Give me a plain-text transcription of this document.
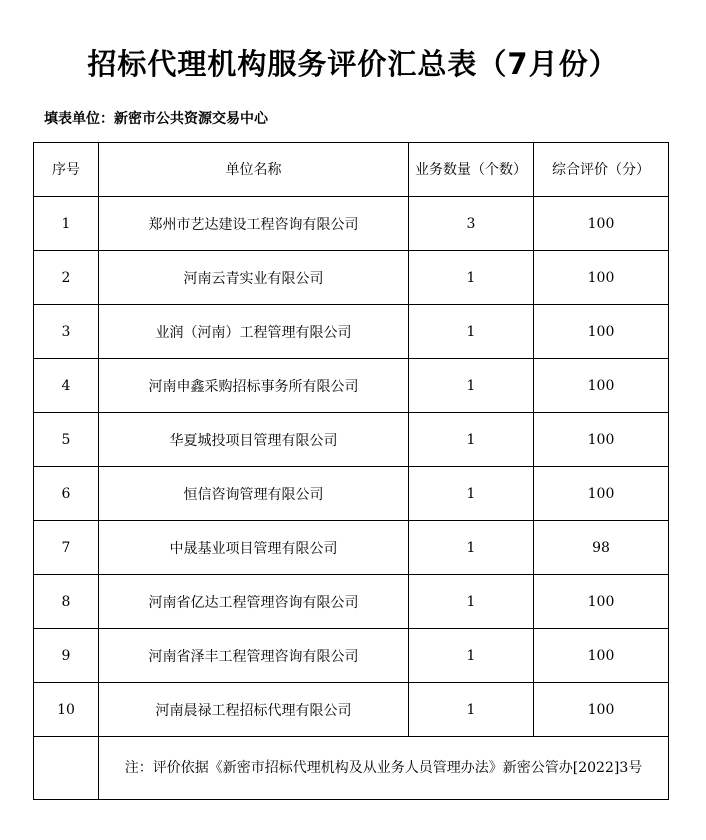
招标代理机构服务评价汇总表（7月份）
填表单位：新密市公共资源交易中心
序号	单位名称	业务数量（个数）	综合评价（分）
1	郑州市艺达建设工程咨询有限公司	3	100
2	河南云青实业有限公司	1	100
3	业润（河南）工程管理有限公司	1	100
4	河南申鑫采购招标事务所有限公司	1	100
5	华夏城投项目管理有限公司	1	100
6	恒信咨询管理有限公司	1	100
7	中晟基业项目管理有限公司	1	98
8	河南省亿达工程管理咨询有限公司	1	100
9	河南省泽丰工程管理咨询有限公司	1	100
10	河南晨禄工程招标代理有限公司	1	100
	注：评价依据《新密市招标代理机构及从业务人员管理办法》新密公管办[2022]3号		
